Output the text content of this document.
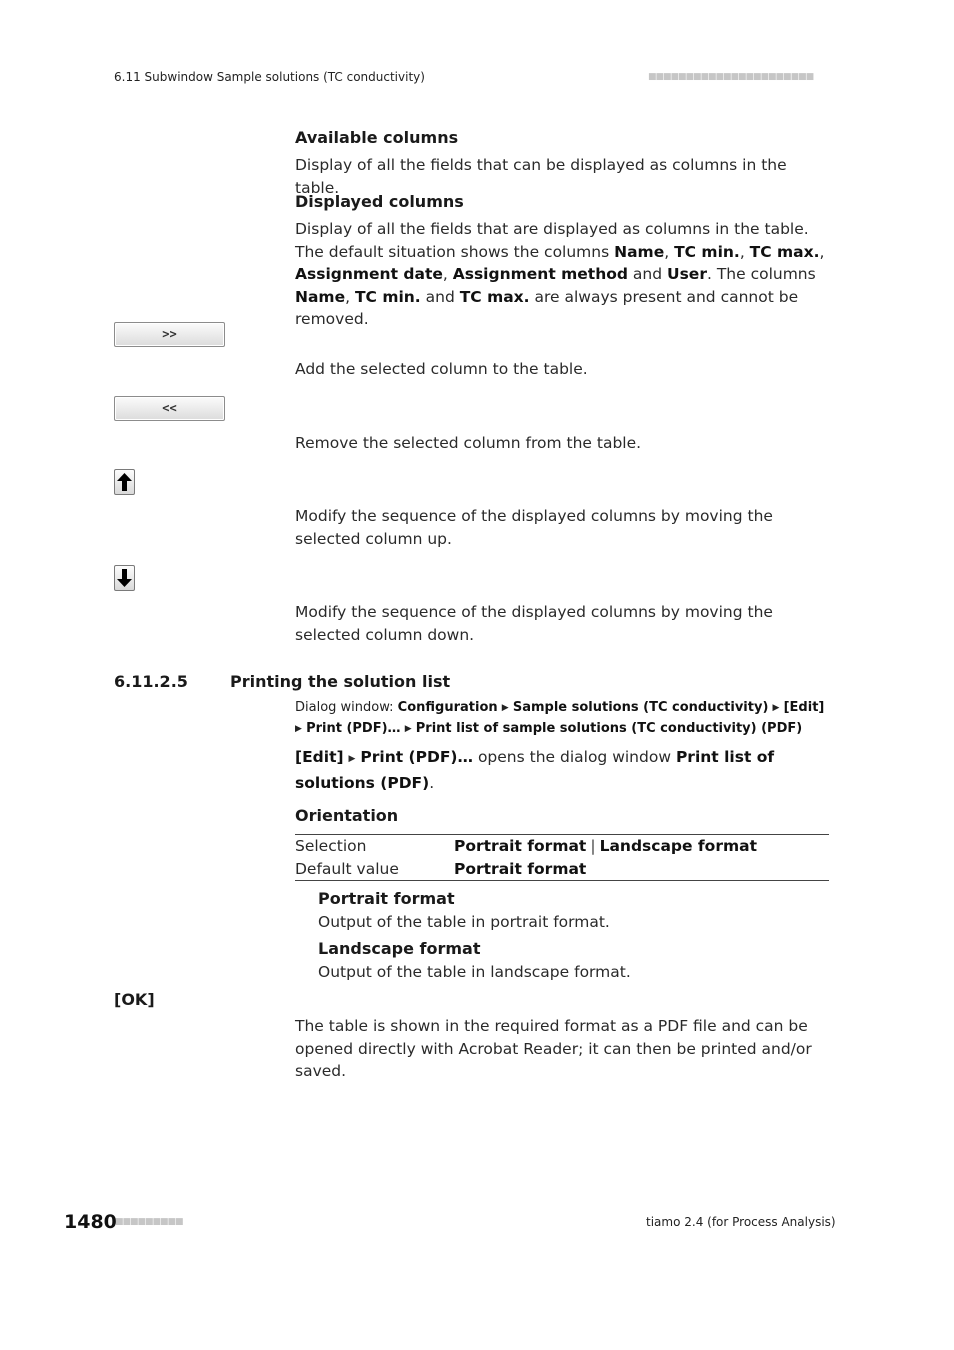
6.11 Subwindow Sample solutions (TC conductivity)	■■■■■■■■■■■■■■■■■■■■■■
Available columns
Display of all the fields that can be displayed as columns in the table.
Displayed columns
Display of all the fields that are displayed as columns in the table. The default situation shows the columns Name, TC min., TC max., Assignment date, Assignment method and User. The columns Name, TC min. and TC max. are always present and cannot be removed.
>>
Add the selected column to the table.
<<
Remove the selected column from the table.
Modify the sequence of the displayed columns by moving the selected column up.
Modify the sequence of the displayed columns by moving the selected column down.
6.11.2.5	Printing the solution list
Dialog window: Configuration ▶ Sample solutions (TC conductivity) ▶ [Edit] ▶ Print (PDF)… ▶ Print list of sample solutions (TC conductivity) (PDF)
[Edit] ▶ Print (PDF)… opens the dialog window Print list of solutions (PDF).
Orientation
Selection	Portrait format | Landscape format
Default value	Portrait format
Portrait format
Output of the table in portrait format.
Landscape format
Output of the table in landscape format.
[OK]
The table is shown in the required format as a PDF file and can be opened directly with Acrobat Reader; it can then be printed and/or saved.
1480
■■■■■■■■■	tiamo 2.4 (for Process Analysis)
